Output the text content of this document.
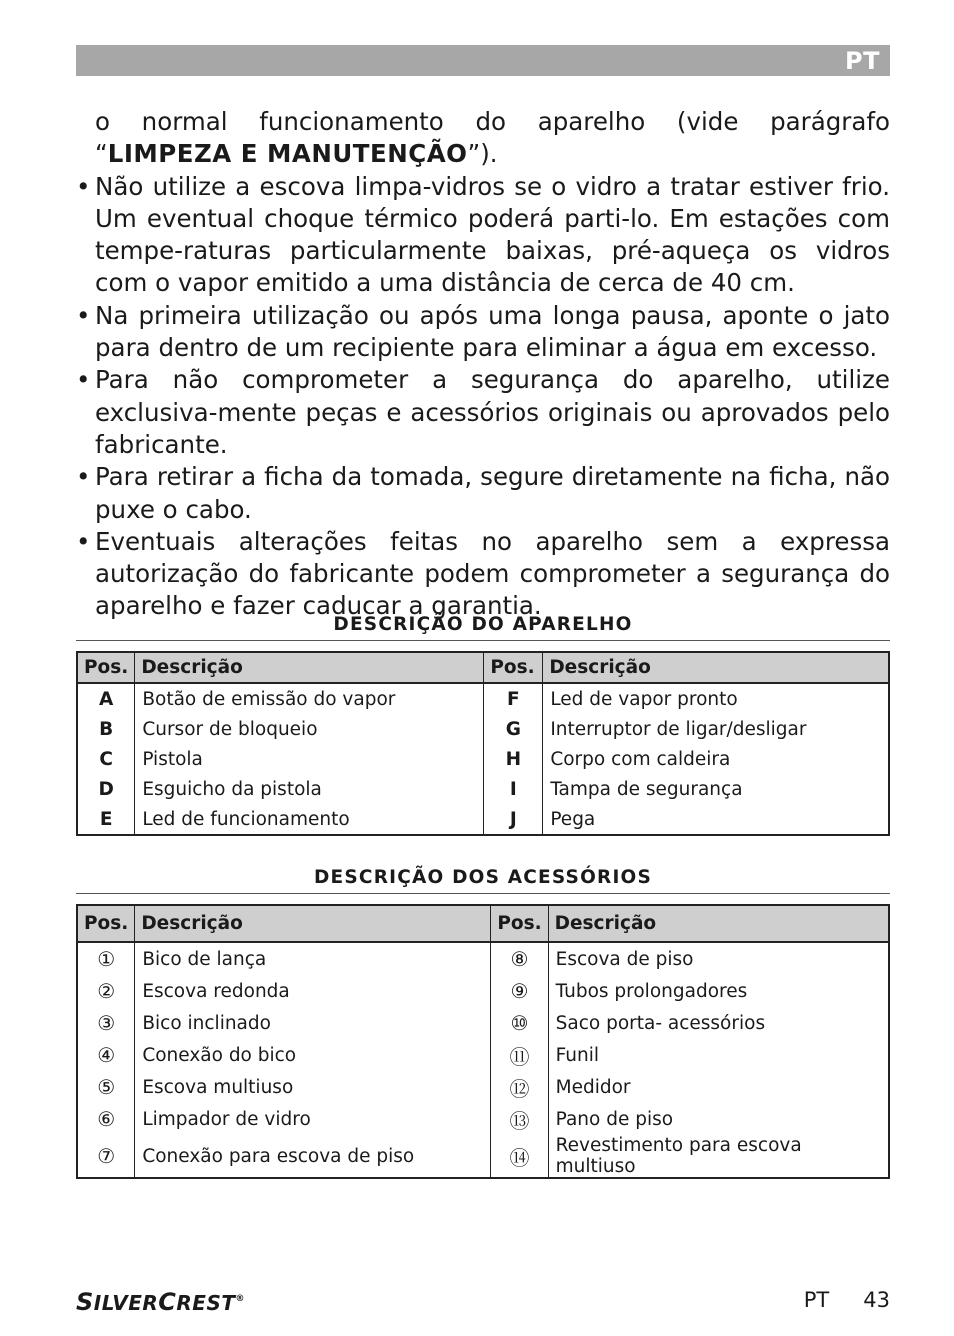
PT

o normal funcionamento do aparelho (vide parágrafo “LIMPEZA E MANUTENÇÃO”).

• Não utilize a escova limpa-vidros se o vidro a tratar estiver frio. Um eventual choque térmico poderá parti-lo. Em estações com tempe-raturas particularmente baixas, pré-aqueça os vidros com o vapor emitido a uma distância de cerca de 40 cm.

• Na primeira utilização ou após uma longa pausa, aponte o jato para dentro de um recipiente para eliminar a água em excesso.

• Para não comprometer a segurança do aparelho, utilize exclusiva-mente peças e acessórios originais ou aprovados pelo fabricante.

• Para retirar a ficha da tomada, segure diretamente na ficha, não puxe o cabo.

• Eventuais alterações feitas no aparelho sem a expressa autorização do fabricante podem comprometer a segurança do aparelho e fazer caducar a garantia.

DESCRIÇÃO DO APARELHO
Pos.	Descrição	Pos.	Descrição
A	Botão de emissão do vapor	F	Led de vapor pronto
B	Cursor de bloqueio	G	Interruptor de ligar/desligar
C	Pistola	H	Corpo com caldeira
D	Esguicho da pistola	I	Tampa de segurança
E	Led de funcionamento	J	Pega
DESCRIÇÃO DOS ACESSÓRIOS
Pos.	Descrição	Pos.	Descrição
①	Bico de lança	⑧	Escova de piso
②	Escova redonda	⑨	Tubos prolongadores
③	Bico inclinado	⑩	Saco porta- acessórios
④	Conexão do bico	⑪	Funil
⑤	Escova multiuso	⑫	Medidor
⑥	Limpador de vidro	⑬	Pano de piso
⑦	Conexão para escova de piso	⑭	Revestimento para escova multiuso
SILVERCREST®	PT 43
